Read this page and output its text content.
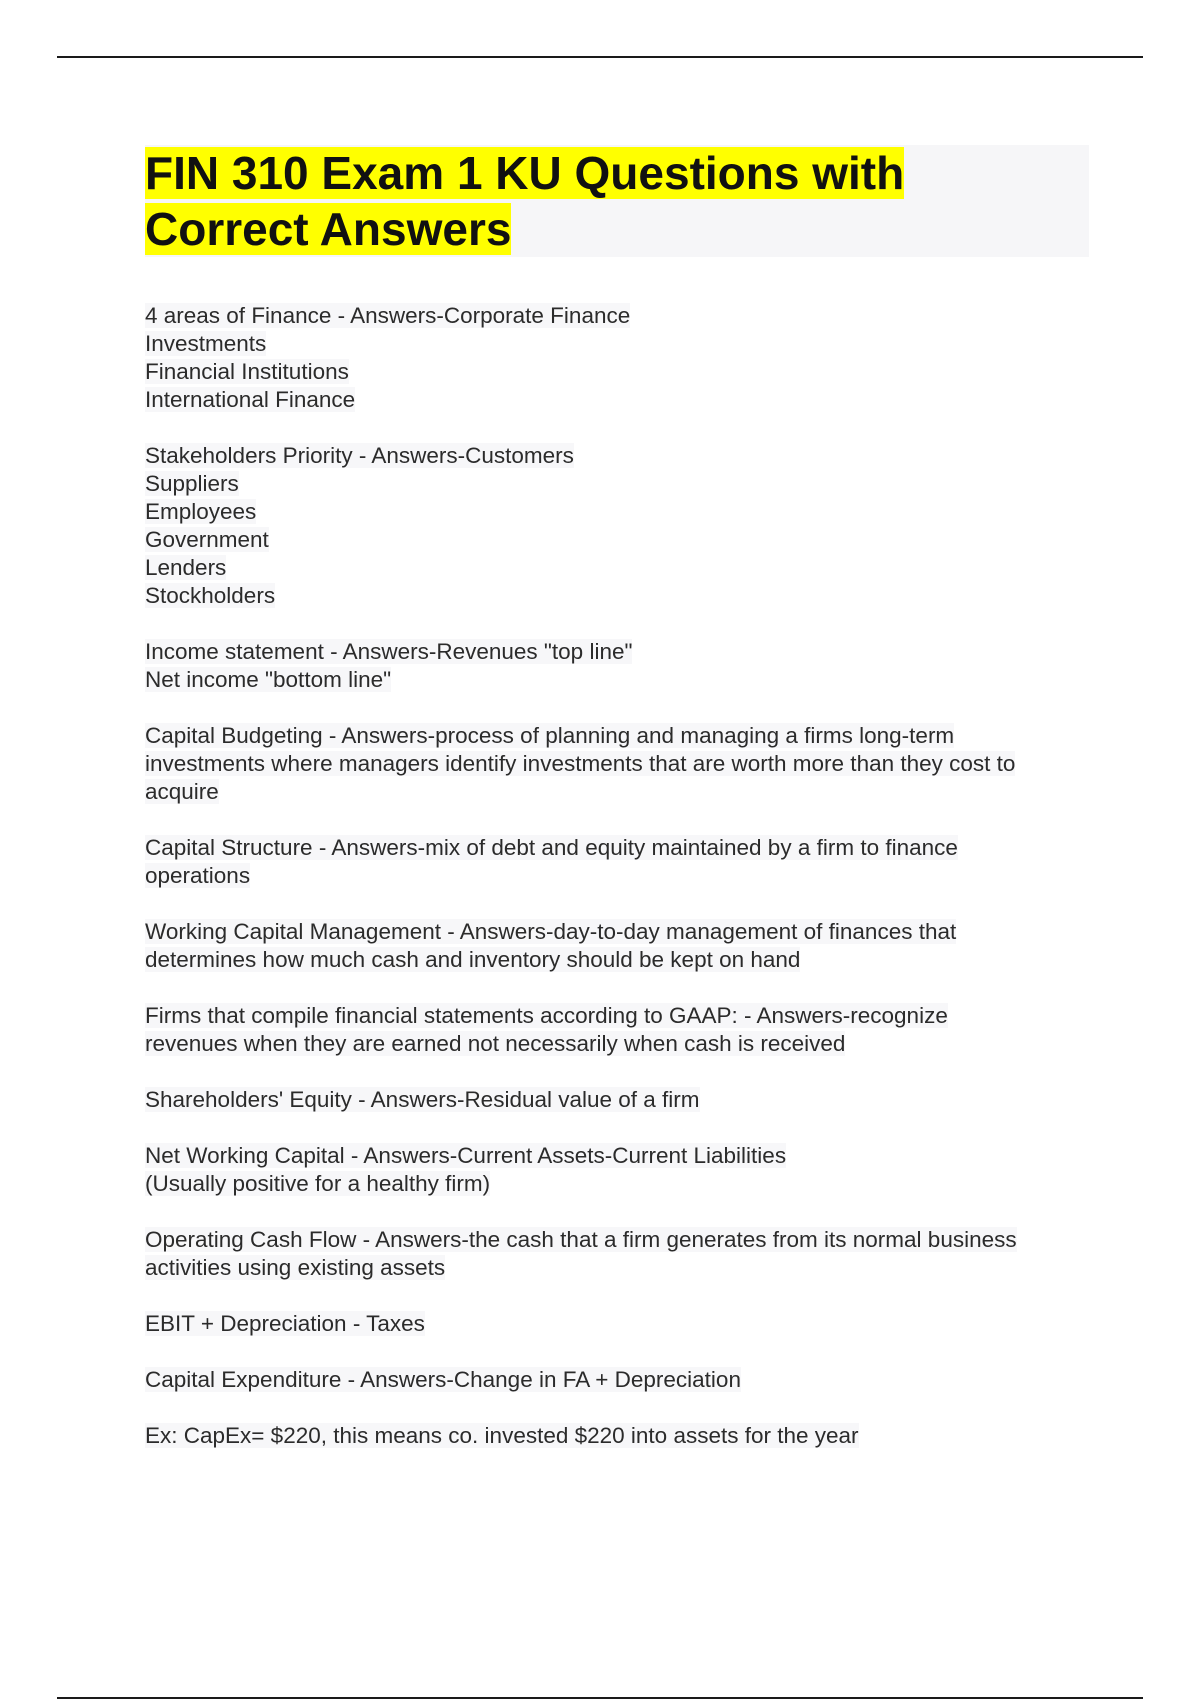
FIN 310 Exam 1 KU Questions with
Correct Answers

4 areas of Finance - Answers-Corporate Finance
Investments
Financial Institutions
International Finance

Stakeholders Priority - Answers-Customers
Suppliers
Employees
Government
Lenders
Stockholders

Income statement - Answers-Revenues "top line"
Net income "bottom line"

Capital Budgeting - Answers-process of planning and managing a firms long-term
investments where managers identify investments that are worth more than they cost to
acquire

Capital Structure - Answers-mix of debt and equity maintained by a firm to finance
operations

Working Capital Management - Answers-day-to-day management of finances that
determines how much cash and inventory should be kept on hand

Firms that compile financial statements according to GAAP: - Answers-recognize
revenues when they are earned not necessarily when cash is received

Shareholders' Equity - Answers-Residual value of a firm

Net Working Capital - Answers-Current Assets-Current Liabilities
(Usually positive for a healthy firm)

Operating Cash Flow - Answers-the cash that a firm generates from its normal business
activities using existing assets

EBIT + Depreciation - Taxes

Capital Expenditure - Answers-Change in FA + Depreciation

Ex: CapEx= $220, this means co. invested $220 into assets for the year
